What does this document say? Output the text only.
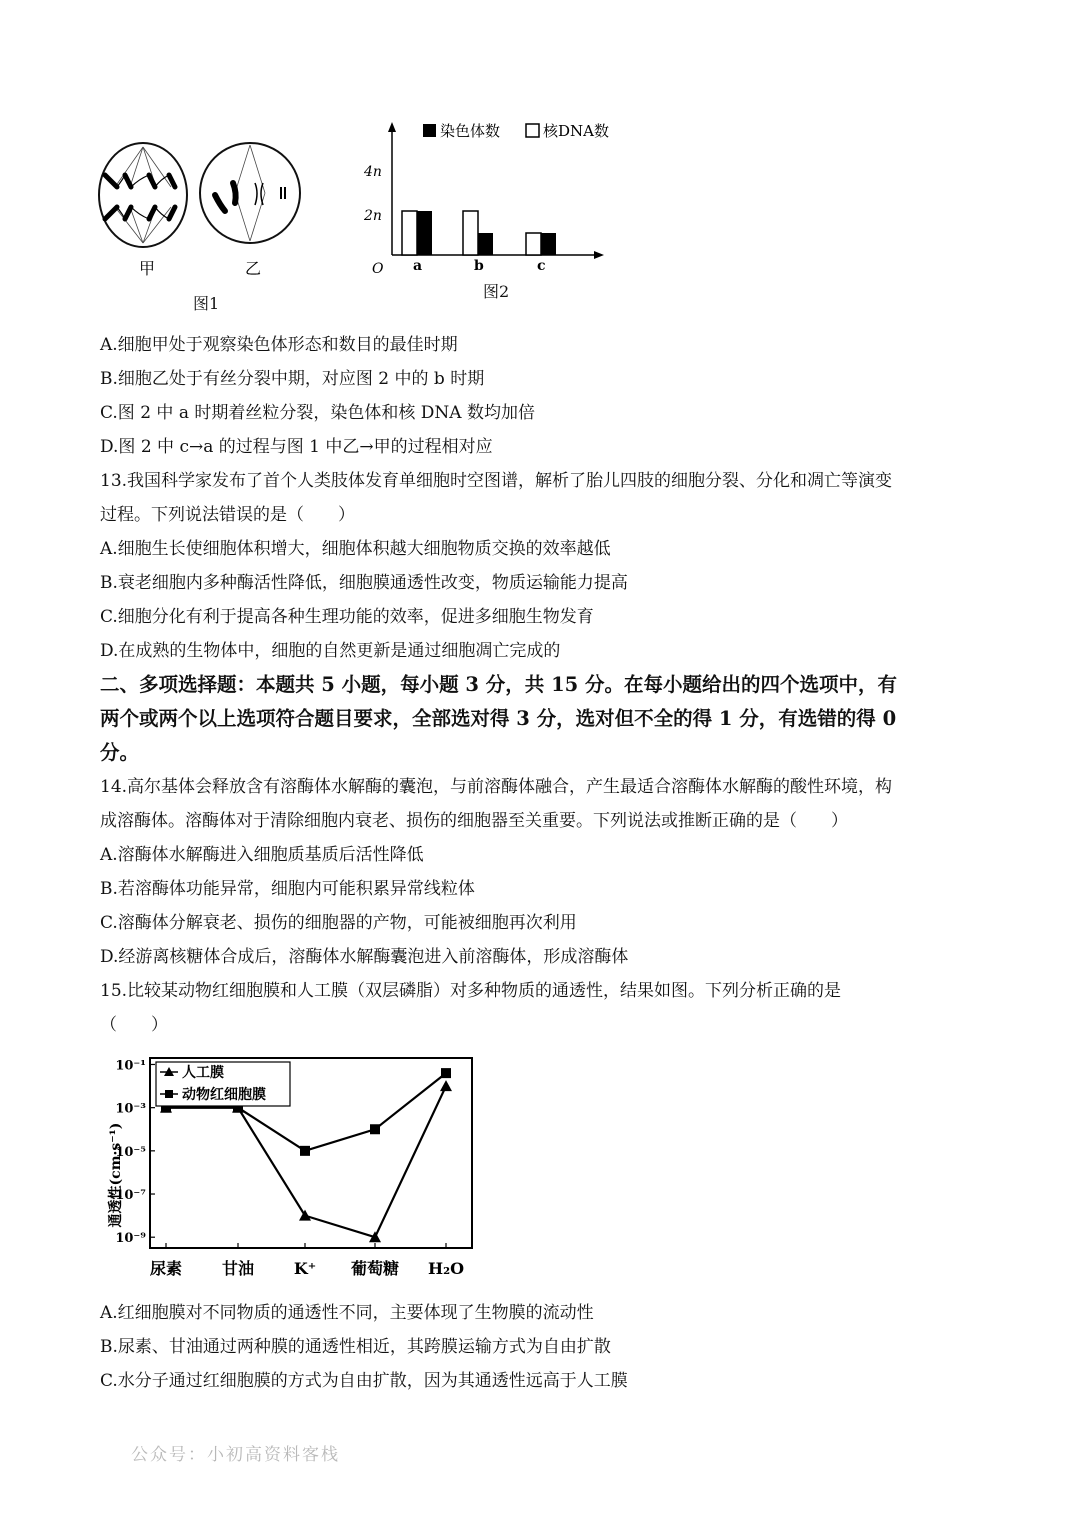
甲	乙
图1
染色体数	核DNA数
O
4n
2n
a	b	c
图2
A.细胞甲处于观察染色体形态和数目的最佳时期
B.细胞乙处于有丝分裂中期，对应图 2 中的 b 时期
C.图 2 中 a 时期着丝粒分裂，染色体和核 DNA 数均加倍
D.图 2 中 c→a 的过程与图 1 中乙→甲的过程相对应
13.我国科学家发布了首个人类肢体发育单细胞时空图谱，解析了胎儿四肢的细胞分裂、分化和凋亡等演变
过程。下列说法错误的是（　　）
A.细胞生长使细胞体积增大，细胞体积越大细胞物质交换的效率越低
B.衰老细胞内多种酶活性降低，细胞膜通透性改变，物质运输能力提高
C.细胞分化有利于提高各种生理功能的效率，促进多细胞生物发育
D.在成熟的生物体中，细胞的自然更新是通过细胞凋亡完成的
二、多项选择题：本题共 5 小题，每小题 3 分，共 15 分。在每小题给出的四个选项中，有
两个或两个以上选项符合题目要求，全部选对得 3 分，选对但不全的得 1 分，有选错的得 0
分。
14.高尔基体会释放含有溶酶体水解酶的囊泡，与前溶酶体融合，产生最适合溶酶体水解酶的酸性环境，构
成溶酶体。溶酶体对于清除细胞内衰老、损伤的细胞器至关重要。下列说法或推断正确的是（　　）
A.溶酶体水解酶进入细胞质基质后活性降低
B.若溶酶体功能异常，细胞内可能积累异常线粒体
C.溶酶体分解衰老、损伤的细胞器的产物，可能被细胞再次利用
D.经游离核糖体合成后，溶酶体水解酶囊泡进入前溶酶体，形成溶酶体
15.比较某动物红细胞膜和人工膜（双层磷脂）对多种物质的通透性，结果如图。下列分析正确的是
（　　）
通透性(cm·s⁻¹)
10⁻¹
10⁻³
10⁻⁵
10⁻⁷
10⁻⁹
尿素 甘油 K⁺ 葡萄糖 H₂O
人工膜
动物红细胞膜
A.红细胞膜对不同物质的通透性不同，主要体现了生物膜的流动性
B.尿素、甘油通过两种膜的通透性相近，其跨膜运输方式为自由扩散
C.水分子通过红细胞膜的方式为自由扩散，因为其通透性远高于人工膜
公众号：小初高资料客栈
